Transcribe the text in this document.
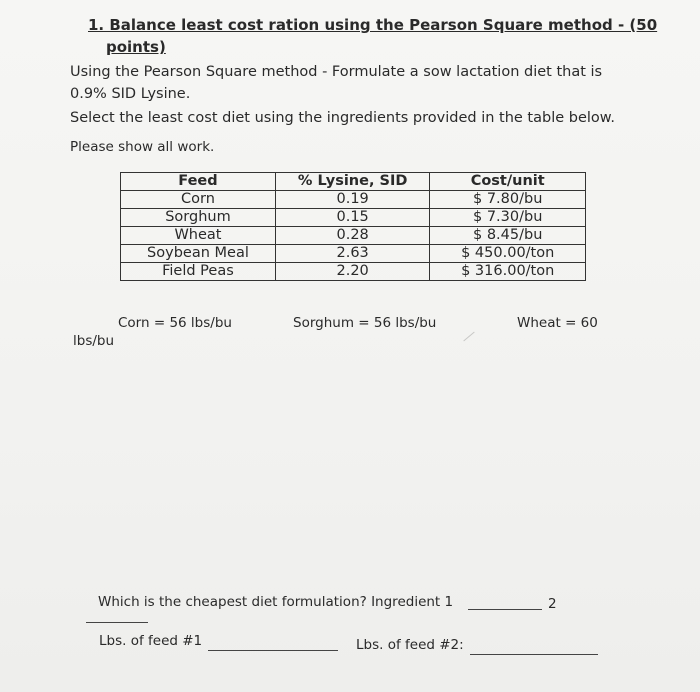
1. Balance least cost ration using the Pearson Square method - (50
points)
Using the Pearson Square method - Formulate a sow lactation diet that is
0.9% SID Lysine.
Select the least cost diet using the ingredients provided in the table below.
Please show all work.
Feed	% Lysine, SID	Cost/unit
Corn	0.19	$ 7.80/bu
Sorghum	0.15	$ 7.30/bu
Wheat	0.28	$ 8.45/bu
Soybean Meal	2.63	$ 450.00/ton
Field Peas	2.20	$ 316.00/ton
Corn = 56 lbs/bu	Sorghum = 56 lbs/bu	Wheat = 60
lbs/bu
Which is the cheapest diet formulation? Ingredient 1	2
Lbs. of feed #1	Lbs. of feed #2:
